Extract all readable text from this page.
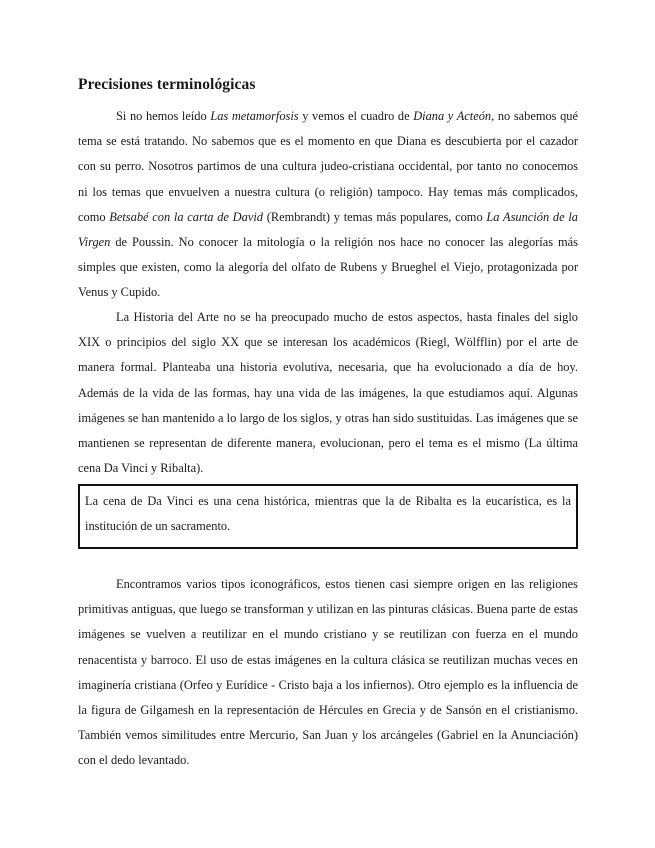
Precisiones terminológicas

Si no hemos leído Las metamorfosis y vemos el cuadro de Diana y Acteón, no sabemos qué tema se está tratando. No sabemos que es el momento en que Diana es descubierta por el cazador con su perro. Nosotros partimos de una cultura judeo-cristiana occidental, por tanto no conocemos ni los temas que envuelven a nuestra cultura (o religión) tampoco. Hay temas más complicados, como Betsabé con la carta de David (Rembrandt) y temas más populares, como La Asunción de la Virgen de Poussin. No conocer la mitología o la religión nos hace no conocer las alegorías más simples que existen, como la alegoría del olfato de Rubens y Brueghel el Viejo, protagonizada por Venus y Cupido.

La Historia del Arte no se ha preocupado mucho de estos aspectos, hasta finales del siglo XIX o principios del siglo XX que se interesan los académicos (Riegl, Wölfflin) por el arte de manera formal. Planteaba una historia evolutiva, necesaria, que ha evolucionado a día de hoy. Además de la vida de las formas, hay una vida de las imágenes, la que estudiamos aquí. Algunas imágenes se han mantenido a lo largo de los siglos, y otras han sido sustituidas. Las imágenes que se mantienen se representan de diferente manera, evolucionan, pero el tema es el mismo (La última cena Da Vinci y Ribalta).

La cena de Da Vinci es una cena histórica, mientras que la de Ribalta es la eucarística, es la institución de un sacramento.

Encontramos varios tipos iconográficos, estos tienen casi siempre origen en las religiones primitivas antiguas, que luego se transforman y utilizan en las pinturas clásicas. Buena parte de estas imágenes se vuelven a reutilizar en el mundo cristiano y se reutilizan con fuerza en el mundo renacentista y barroco. El uso de estas imágenes en la cultura clásica se reutilizan muchas veces en imaginería cristiana (Orfeo y Eurídice - Cristo baja a los infiernos). Otro ejemplo es la influencia de la figura de Gilgamesh en la representación de Hércules en Grecia y de Sansón en el cristianismo. También vemos similitudes entre Mercurio, San Juan y los arcángeles (Gabriel en la Anunciación) con el dedo levantado.
